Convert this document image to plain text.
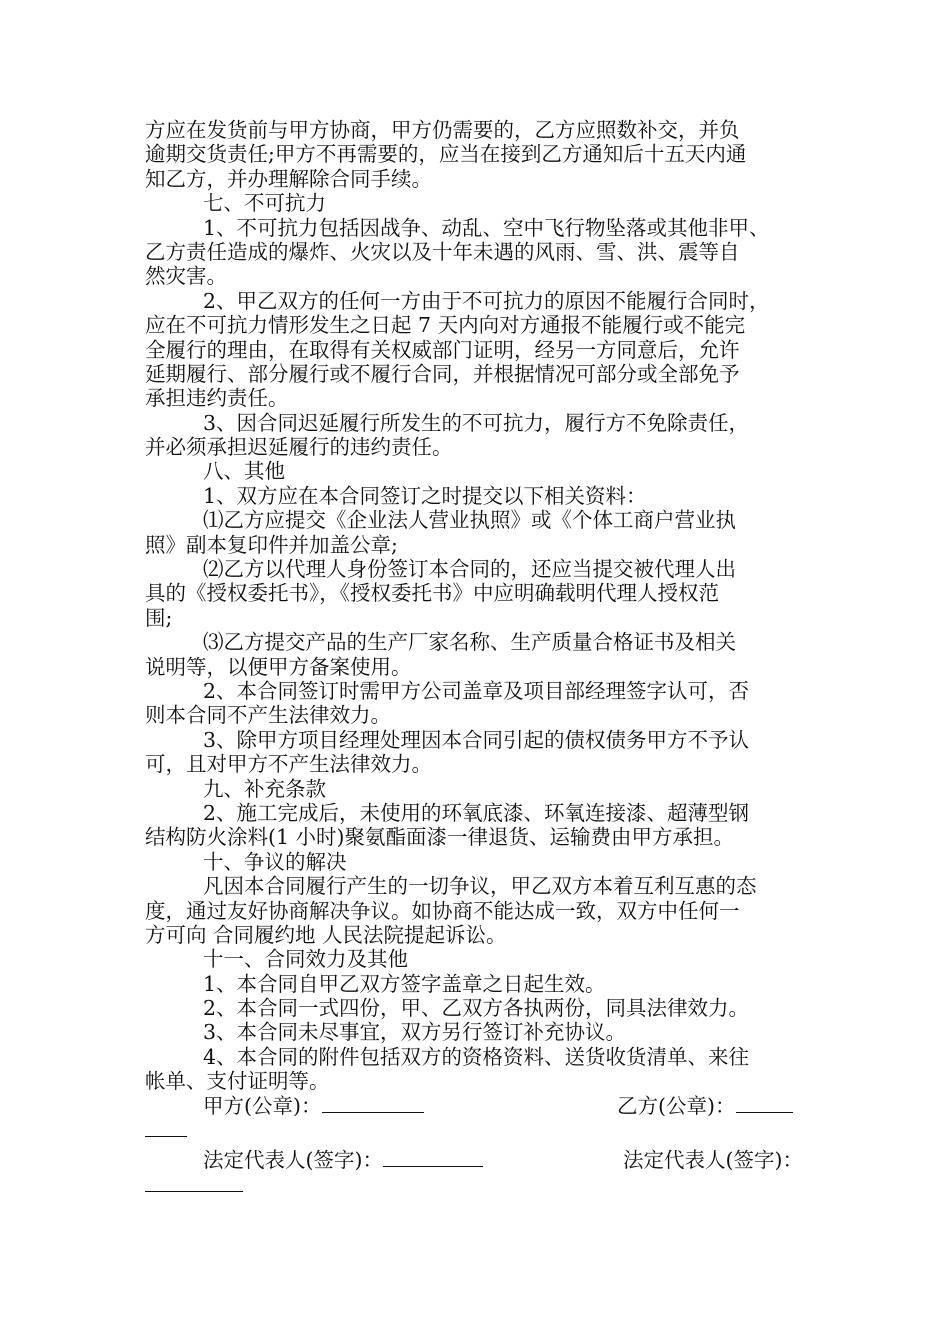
方应在发货前与甲方协商，甲方仍需要的，乙方应照数补交，并负
逾期交货责任;甲方不再需要的，应当在接到乙方通知后十五天内通
知乙方，并办理解除合同手续。
七、不可抗力
1、不可抗力包括因战争、动乱、空中飞行物坠落或其他非甲、
乙方责任造成的爆炸、火灾以及十年未遇的风雨、雪、洪、震等自
然灾害。
2、甲乙双方的任何一方由于不可抗力的原因不能履行合同时，
应在不可抗力情形发生之日起 7 天内向对方通报不能履行或不能完
全履行的理由，在取得有关权威部门证明，经另一方同意后，允许
延期履行、部分履行或不履行合同，并根据情况可部分或全部免予
承担违约责任。
3、因合同迟延履行所发生的不可抗力，履行方不免除责任，
并必须承担迟延履行的违约责任。
八、其他
1、双方应在本合同签订之时提交以下相关资料：
⑴乙方应提交《企业法人营业执照》或《个体工商户营业执
照》副本复印件并加盖公章;
⑵乙方以代理人身份签订本合同的，还应当提交被代理人出
具的《授权委托书》，《授权委托书》中应明确载明代理人授权范
围;
⑶乙方提交产品的生产厂家名称、生产质量合格证书及相关
说明等，以便甲方备案使用。
2、本合同签订时需甲方公司盖章及项目部经理签字认可，否
则本合同不产生法律效力。
3、除甲方项目经理处理因本合同引起的债权债务甲方不予认
可，且对甲方不产生法律效力。
九、补充条款
2、施工完成后，未使用的环氧底漆、环氧连接漆、超薄型钢
结构防火涂料(1 小时)聚氨酯面漆一律退货、运输费由甲方承担。
十、争议的解决
凡因本合同履行产生的一切争议，甲乙双方本着互利互惠的态
度，通过友好协商解决争议。如协商不能达成一致，双方中任何一
方可向 合同履约地 人民法院提起诉讼。
十一、合同效力及其他
1、本合同自甲乙双方签字盖章之日起生效。
2、本合同一式四份，甲、乙双方各执两份，同具法律效力。
3、本合同未尽事宜，双方另行签订补充协议。
4、本合同的附件包括双方的资格资料、送货收货清单、来往
帐单、支付证明等。
甲方(公章)：	乙方(公章)：
法定代表人(签字)：	法定代表人(签字)：
